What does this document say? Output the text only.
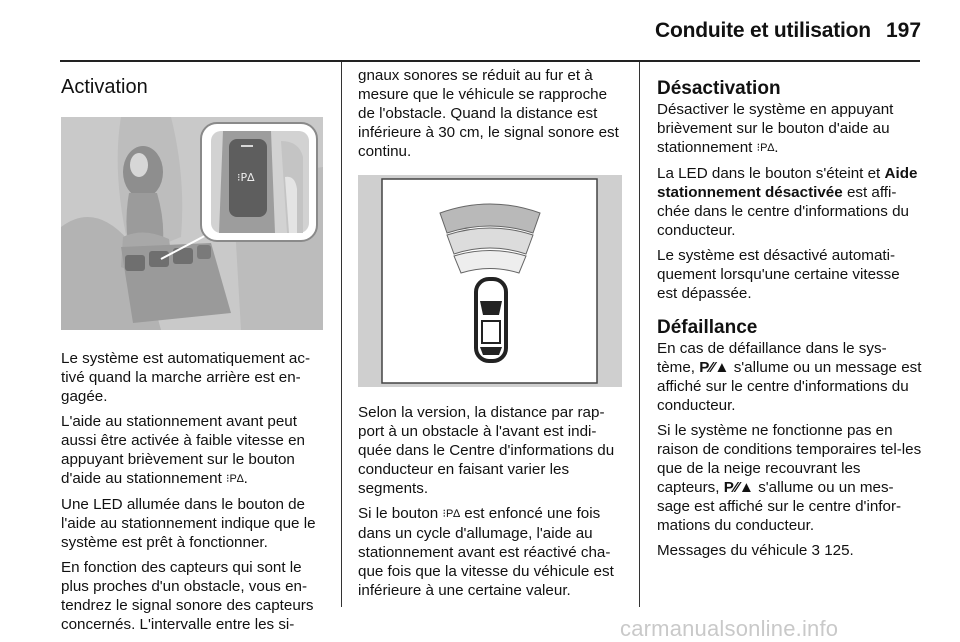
Conduite et utilisation 197
Activation
⁝P∆

Le système est automatiquement ac-tivé quand la marche arrière est en-gagée.

L'aide au stationnement avant peut aussi être activée à faible vitesse en appuyant brièvement sur le bouton d'aide au stationnement ⁝P∆.

Une LED allumée dans le bouton de l'aide au stationnement indique que le système est prêt à fonctionner.

En fonction des capteurs qui sont le plus proches d'un obstacle, vous en-tendrez le signal sonore des capteurs concernés. L'intervalle entre les si-

gnaux sonores se réduit au fur et à mesure que le véhicule se rapproche de l'obstacle. Quand la distance est inférieure à 30 cm, le signal sonore est continu.

Selon la version, la distance par rap-port à un obstacle à l'avant est indi-quée dans le Centre d'informations du conducteur en faisant varier les segments.

Si le bouton ⁝P∆ est enfoncé une fois dans un cycle d'allumage, l'aide au stationnement avant est réactivé cha-que fois que la vitesse du véhicule est inférieure à une certaine valeur.

Désactivation

Désactiver le système en appuyant brièvement sur le bouton d'aide au stationnement ⁝P∆.

La LED dans le bouton s'éteint et Aide stationnement désactivée est affi-chée dans le centre d'informations du conducteur.

Le système est désactivé automati-quement lorsqu'une certaine vitesse est dépassée.

Défaillance

En cas de défaillance dans le sys-tème, P⁄⁄▲ s'allume ou un message est affiché sur le centre d'informations du conducteur.

Si le système ne fonctionne pas en raison de conditions temporaires tel-les que de la neige recouvrant les capteurs, P⁄⁄▲ s'allume ou un mes-sage est affiché sur le centre d'infor-mations du conducteur.

Messages du véhicule 3 125.

carmanualsonline.info
